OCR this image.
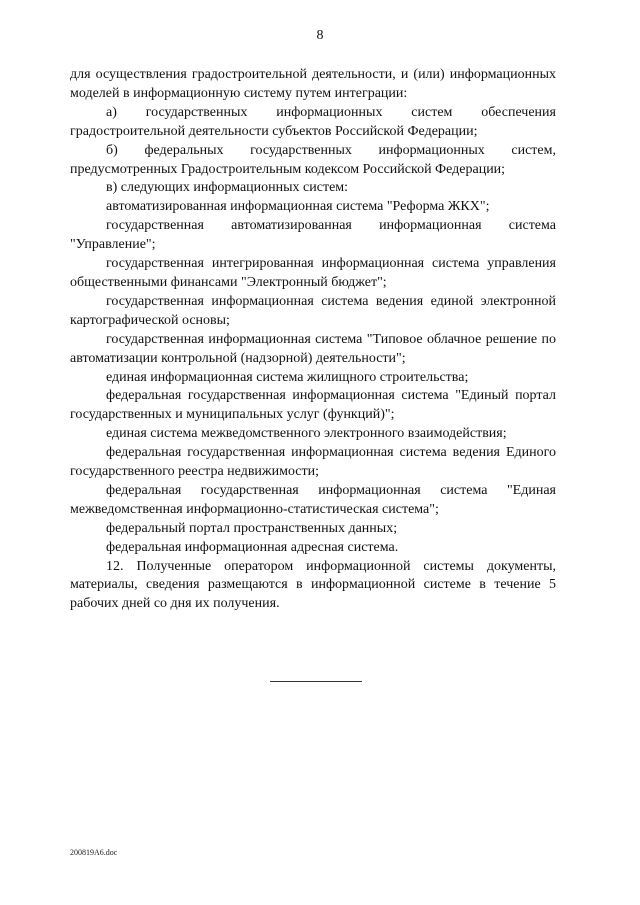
8

для осуществления градостроительной деятельности, и (или) информационных моделей в информационную систему путем интеграции:

а) государственных информационных систем обеспечения градостроительной деятельности субъектов Российской Федерации;

б) федеральных государственных информационных систем, предусмотренных Градостроительным кодексом Российской Федерации;

в) следующих информационных систем:

автоматизированная информационная система "Реформа ЖКХ";

государственная автоматизированная информационная система "Управление";

государственная интегрированная информационная система управления общественными финансами "Электронный бюджет";

государственная информационная система ведения единой электронной картографической основы;

государственная информационная система "Типовое облачное решение по автоматизации контрольной (надзорной) деятельности";

единая информационная система жилищного строительства;

федеральная государственная информационная система "Единый портал государственных и муниципальных услуг (функций)";

единая система межведомственного электронного взаимодействия;

федеральная государственная информационная система ведения Единого государственного реестра недвижимости;

федеральная государственная информационная система "Единая межведомственная информационно-статистическая система";

федеральный портал пространственных данных;

федеральная информационная адресная система.

12. Полученные оператором информационной системы документы, материалы, сведения размещаются в информационной системе в течение 5 рабочих дней со дня их получения.

200819A6.doc
